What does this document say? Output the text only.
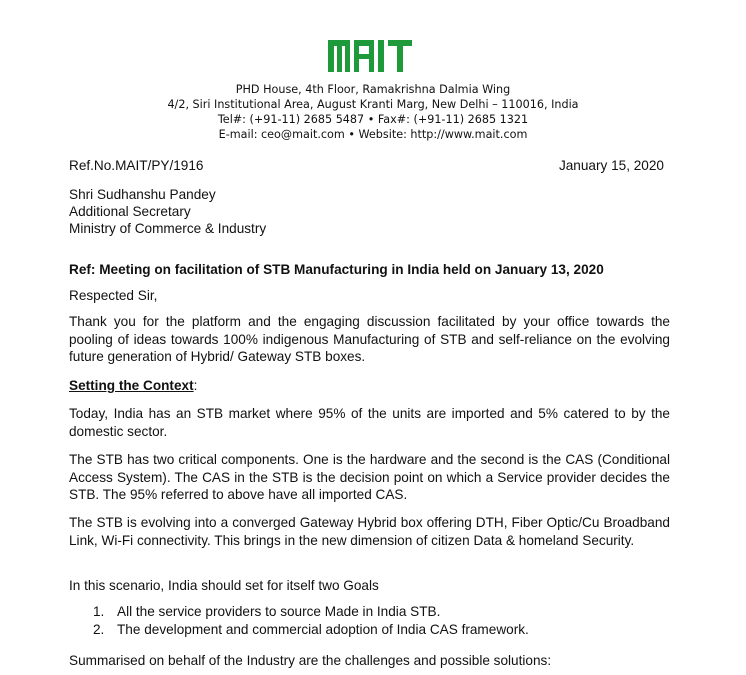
PHD House, 4th Floor, Ramakrishna Dalmia Wing
4/2, Siri Institutional Area, August Kranti Marg, New Delhi – 110016, India
Tel#: (+91-11) 2685 5487 • Fax#: (+91-11) 2685 1321
E-mail: ceo@mait.com • Website: http://www.mait.com
Ref.No.MAIT/PY/1916	January 15, 2020
Shri Sudhanshu Pandey
Additional Secretary
Ministry of Commerce & Industry
Ref: Meeting on facilitation of STB Manufacturing in India held on January 13, 2020
Respected Sir,
Thank you for the platform and the engaging discussion facilitated by your office towards the pooling of ideas towards 100% indigenous Manufacturing of STB and self-reliance on the evolving future generation of Hybrid/ Gateway STB boxes.
Setting the Context:
Today, India has an STB market where 95% of the units are imported and 5% catered to by the domestic sector.
The STB has two critical components. One is the hardware and the second is the CAS (Conditional Access System). The CAS in the STB is the decision point on which a Service provider decides the STB. The 95% referred to above have all imported CAS.
The STB is evolving into a converged Gateway Hybrid box offering DTH, Fiber Optic/Cu Broadband Link, Wi-Fi connectivity. This brings in the new dimension of citizen Data & homeland Security.
In this scenario, India should set for itself two Goals
1. All the service providers to source Made in India STB.
2. The development and commercial adoption of India CAS framework.
Summarised on behalf of the Industry are the challenges and possible solutions:
